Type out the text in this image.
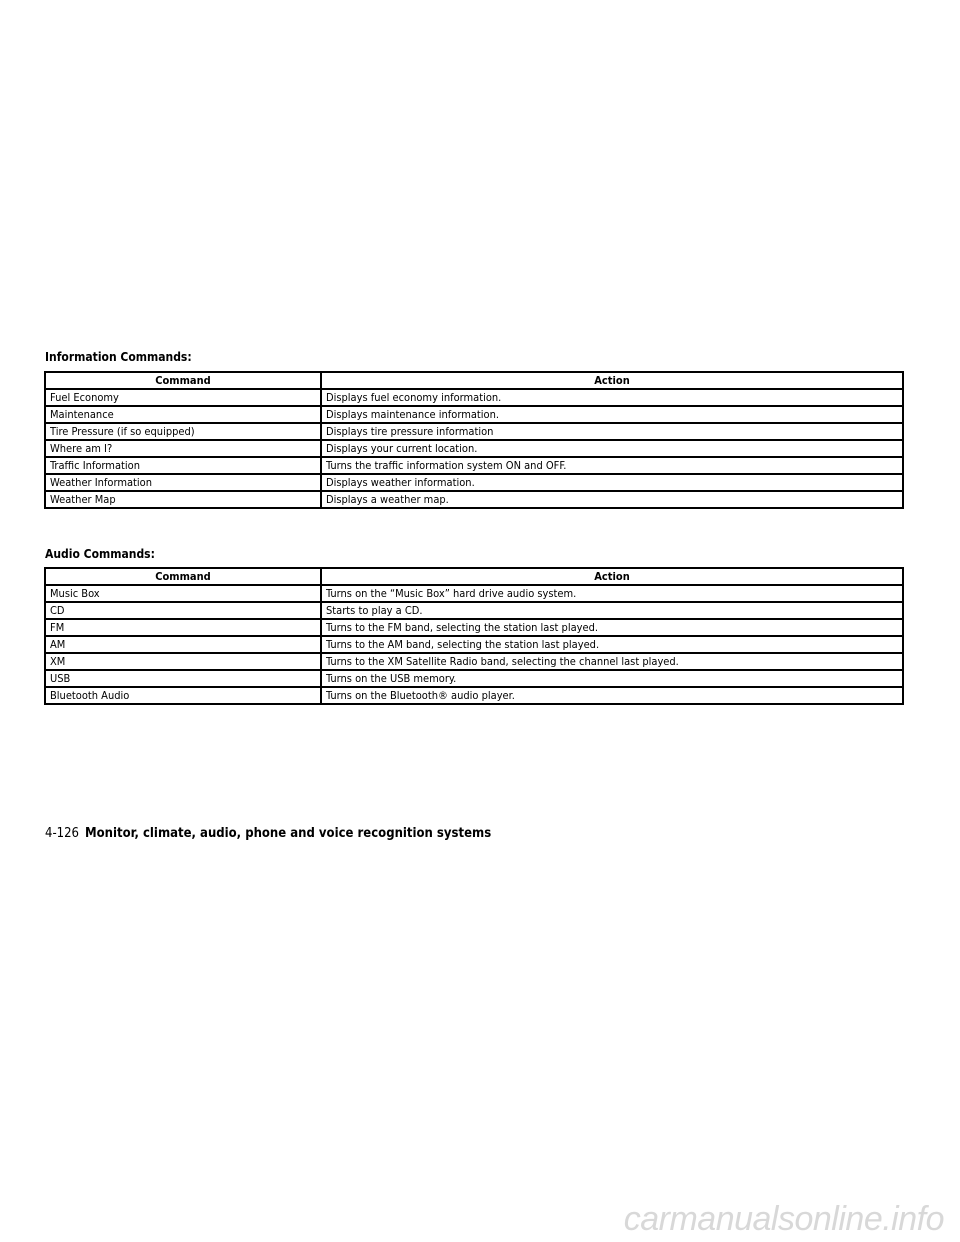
Information Commands:
Command	Action
Fuel Economy	Displays fuel economy information.
Maintenance	Displays maintenance information.
Tire Pressure (if so equipped)	Displays tire pressure information
Where am I?	Displays your current location.
Traffic Information	Turns the traffic information system ON and OFF.
Weather Information	Displays weather information.
Weather Map	Displays a weather map.
Audio Commands:
Command	Action
Music Box	Turns on the “Music Box” hard drive audio system.
CD	Starts to play a CD.
FM	Turns to the FM band, selecting the station last played.
AM	Turns to the AM band, selecting the station last played.
XM	Turns to the XM Satellite Radio band, selecting the channel last played.
USB	Turns on the USB memory.
Bluetooth Audio	Turns on the Bluetooth® audio player.
4-126 Monitor, climate, audio, phone and voice recognition systems
carmanualsonline.info
